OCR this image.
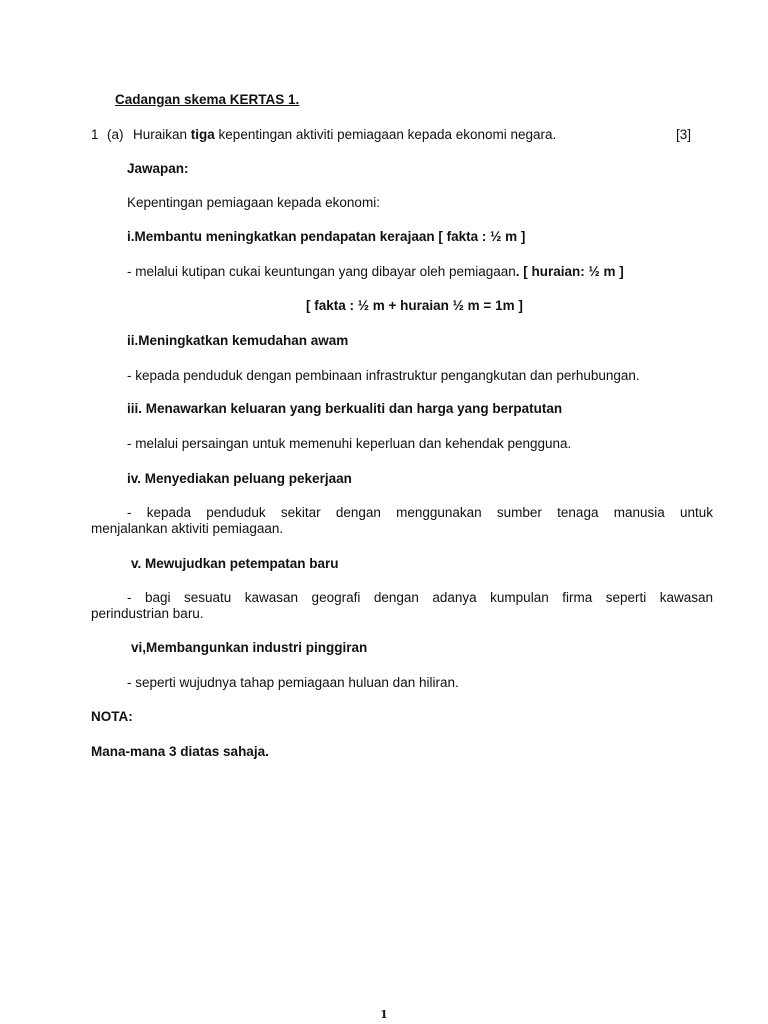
Cadangan skema KERTAS 1.
1 (a) Huraikan tiga kepentingan aktiviti pemiagaan kepada ekonomi negara.	[3]
Jawapan:
Kepentingan pemiagaan kepada ekonomi:
i.Membantu meningkatkan pendapatan kerajaan [ fakta : ½ m ]
- melalui kutipan cukai keuntungan yang dibayar oleh pemiagaan. [ huraian: ½ m ]
[ fakta : ½ m + huraian ½ m = 1m ]
ii.Meningkatkan kemudahan awam
- kepada penduduk dengan pembinaan infrastruktur pengangkutan dan perhubungan.
iii. Menawarkan keluaran yang berkualiti dan harga yang berpatutan
- melalui persaingan untuk memenuhi keperluan dan kehendak pengguna.
iv. Menyediakan peluang pekerjaan
- kepada penduduk sekitar dengan menggunakan sumber tenaga manusia untuk
menjalankan aktiviti pemiagaan.
v. Mewujudkan petempatan baru
- bagi sesuatu kawasan geografi dengan adanya kumpulan firma seperti kawasan
perindustrian baru.
vi,Membangunkan industri pinggiran
- seperti wujudnya tahap pemiagaan huluan dan hiliran.
NOTA:
Mana-mana 3 diatas sahaja.
1
